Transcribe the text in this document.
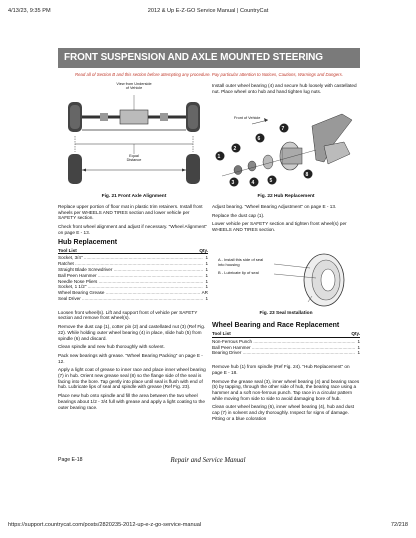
4/13/23, 9:35 PM	2012 & Up E-Z-GO Service Manual | CountryCat
FRONT SUSPENSION AND AXLE MOUNTED STEERING
Read all of Section B and this section before attempting any procedure. Pay particular attention to Notices, Cautions, Warnings and Dangers.
View from Underside
of Vehicle
Equal
Distance
Fig. 21 Front Axle Alignment
Replace upper portion of floor mat in plastic trim retainers. Install front wheels per WHEELS AND TIRES section and lower vehicle per SAFETY section.
Check front wheel alignment and adjust if necessary. “Wheel Alignment” on page E - 13.
Hub Replacement
Tool List	Qty.
Socket, 3/4" .....	1
Ratchet .....	1
Straight Blade Screwdriver .....	1
Ball Peen Hammer .....	1
Needle Nose Pliers .....	1
Socket, 1 1/2" .....	1
Wheel Bearing Grease .....	AR
Seal Driver .....	1
Loosen front wheel(s). Lift and support front of vehicle per SAFETY section and remove front wheel(s).
Remove the dust cap (1), cotter pin (2) and castellated nut (3) (Ref Fig. 22). While holding outer wheel bearing (4) in place, slide hub (5) from spindle (6) and discard.
Clean spindle and new hub thoroughly with solvent.
Pack new bearings with grease. “Wheel Bearing Packing” on page E - 12.
Apply a light coat of grease to inner race and place inner wheel bearing (7) in hub. Orient new grease seal (8) so the flange side of the seal is facing into the bore. Tap gently into place until seal is flush with end of hub. Lubricate lips of seal and spindle with grease (Ref Fig. 23).
Place new hub onto spindle and fill the area between the two wheel bearings about 1/2 - 3/4 full with grease and apply a light coating to the outer bearing race.
Install outer wheel bearing (4) and secure hub loosely with castellated nut. Place wheel onto hub and hand tighten lug nuts.
1
2
3	4	5
6
7
8
Front of Vehicle
Fig. 22 Hub Replacement
Adjust bearing. “Wheel Bearing Adjustment” on page E - 13.
Replace the dust cap (1).
Lower vehicle per SAFETY section and tighten front wheel(s) per WHEELS AND TIRES section.
A - Install this side of seal
into housing
B - Lubricate lip of seal
Fig. 23 Seal Installation
Wheel Bearing and Race Replacement
Tool List	Qty.
Non-Ferrous Punch .....	1
Ball Peen Hammer .....	1
Bearing Driver .....	1
Remove hub (1) from spindle (Ref Fig. 24). “Hub Replacement” on page E - 18.
Remove the grease seal (3), inner wheel bearing (4) and bearing races (5) by tapping, through the other side of hub, the bearing race using a hammer and a soft non-ferrous punch. Tap race in a circular pattern while moving from side to side to avoid damaging bore of hub.
Clean outer wheel bearing (6), inner wheel bearing (4), hub and dust cap (7) in solvent and dry thoroughly. Inspect for signs of damage. Pitting or a blue coloration
Page E-18	Repair and Service Manual
https://support.countrycat.com/posts/2820235-2012-up-e-z-go-service-manual	72/218
